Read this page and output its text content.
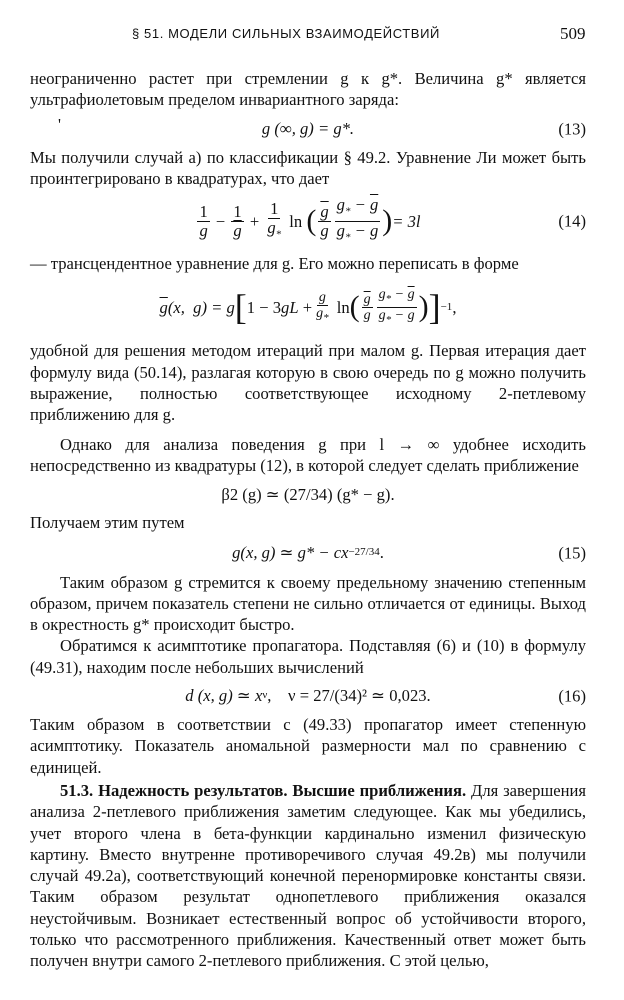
§ 51. МОДЕЛИ СИЛЬНЫХ ВЗАИМОДЕЙСТВИЙ	509

неограниченно растет при стремлении g к g*. Величина g* является ультрафиолетовым пределом инвариантного заряда:

'	g (∞, g) = g*.	(13)

Мы получили случай а) по классификации § 49.2. Уравнение Ли может быть проинтегрировано в квадратурах, что дает

$\frac{1}{g} - \frac{1}{g} + \frac{1}{g_*}$ ln ( $\frac{\overline{g}}{g} \frac{g_* - \overline{g}}{g_* - g}$ ) = 3l	(14)

— трансцендентное уравнение для g. Его можно переписать в форме

$\overline{g}$ (x,  g) = g [ $1 - 3gL + \frac{g}{g_*}$ ln ( $\frac{\overline{g}}{g} \frac{g_* - \overline{g}}{g_* - g}$ ) ] −1 ,

удобной для решения методом итераций при малом g. Первая итерация дает формулу вида (50.14), разлагая которую в свою очередь по g можно получить выражение, полностью соответствующее исходному 2-петлевому приближению для g.

Однако для анализа поведения g при l → ∞ удобнее исходить непосредственно из квадратуры (12), в которой следует сделать приближение

β2 (g) ≃ (27/34) (g* − g).

Получаем этим путем

g(x, g) ≃ g* − cx −27/34 .	(15)

Таким образом g стремится к своему предельному значению степенным образом, причем показатель степени не сильно отличается от единицы. Выход в окрестность g* происходит быстро.

Обратимся к асимптотике пропагатора. Подставляя (6) и (10) в формулу (49.31), находим после небольших вычислений

d (x, g) ≃ x ν ,    ν = 27/(34)² ≃ 0,023.	(16)

Таким образом в соответствии с (49.33) пропагатор имеет степенную асимптотику. Показатель аномальной размерности мал по сравнению с единицей.

51.3. Надежность результатов. Высшие приближения. Для завершения анализа 2-петлевого приближения заметим следующее. Как мы убедились, учет второго члена в бета-функции кардинально изменил физическую картину. Вместо внутренне противоречивого случая 49.2в) мы получили случай 49.2а), соответствующий конечной перенормировке константы связи. Таким образом результат однопетлевого приближения оказался неустойчивым. Возникает естественный вопрос об устойчивости второго, только что рассмотренного приближения. Качественный ответ может быть получен внутри самого 2-петлевого приближения. С этой целью,
